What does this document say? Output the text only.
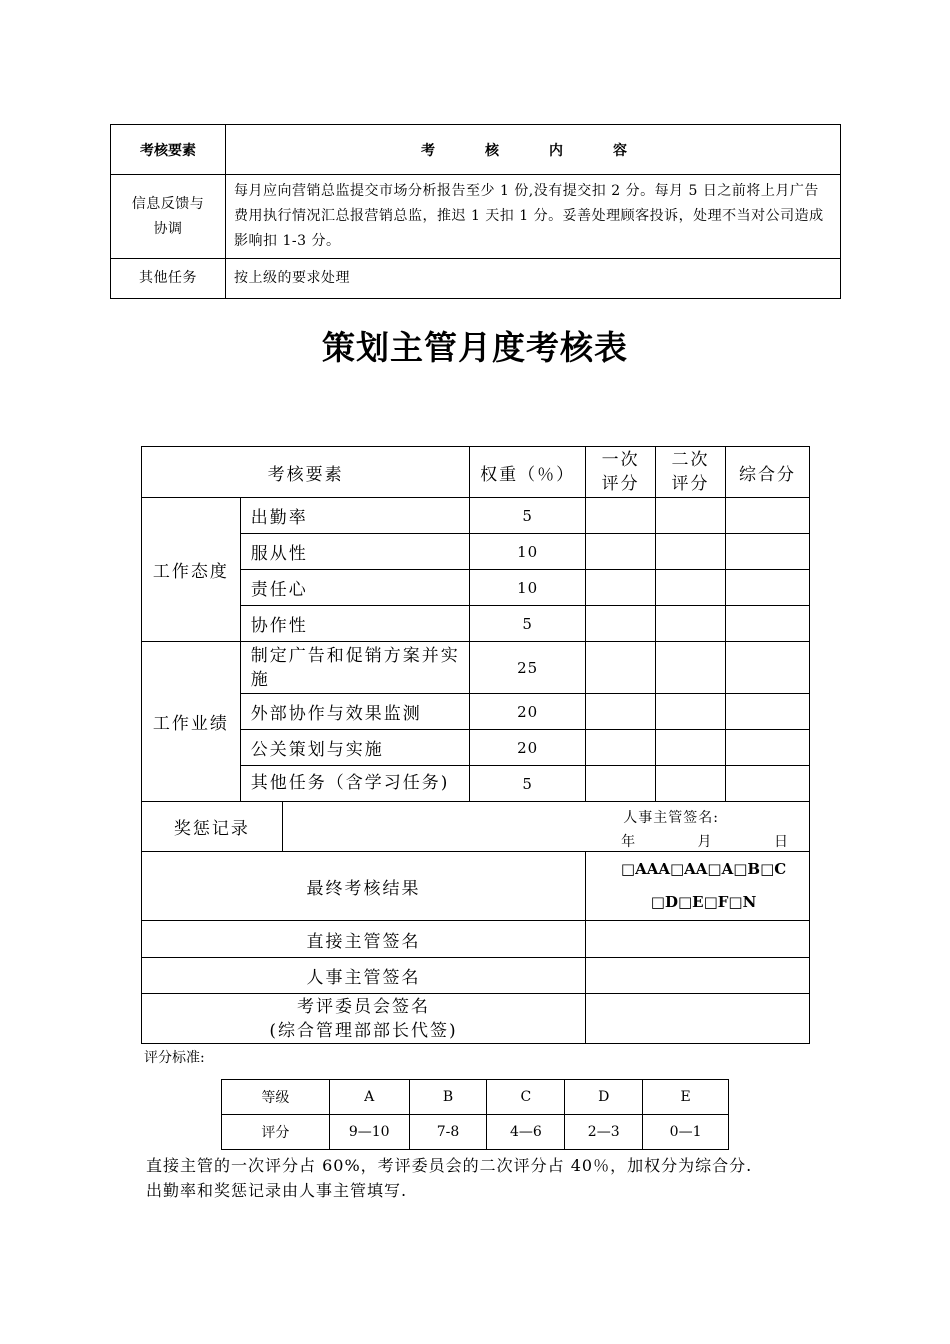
考核要素	考　核　内　容
信息反馈与协调	每月应向营销总监提交市场分析报告至少 1 份,没有提交扣 2 分。每月 5 日之前将上月广告费用执行情况汇总报营销总监，推迟 1 天扣 1 分。妥善处理顾客投诉，处理不当对公司造成影响扣 1-3 分。
其他任务	按上级的要求处理
策划主管月度考核表
考核要素			权重（％）	一次评分	二次评分	综合分
工作态度	出勤率		5			
	服从性		10			
	责任心		10			
	协作性		5			
工作业绩	制定广告和促销方案并实施		25			
	外部协作与效果监测		20			
	公关策划与实施		20			
	其他任务（含学习任务)		5			
奖惩记录		人事主管签名:
年 月 日				

最终考核结果				□AAA□AA□A□B□C
□D□E□F□N		

直接主管签名						
人事主管签名						

考评委员会签名
(综合管理部部长代签)						

评分标准:
等级	A	B	C	D	E
评分	9—10	7-8	4—6	2—3	0—1
直接主管的一次评分占 60%，考评委员会的二次评分占 40％，加权分为综合分.
出勤率和奖惩记录由人事主管填写.
